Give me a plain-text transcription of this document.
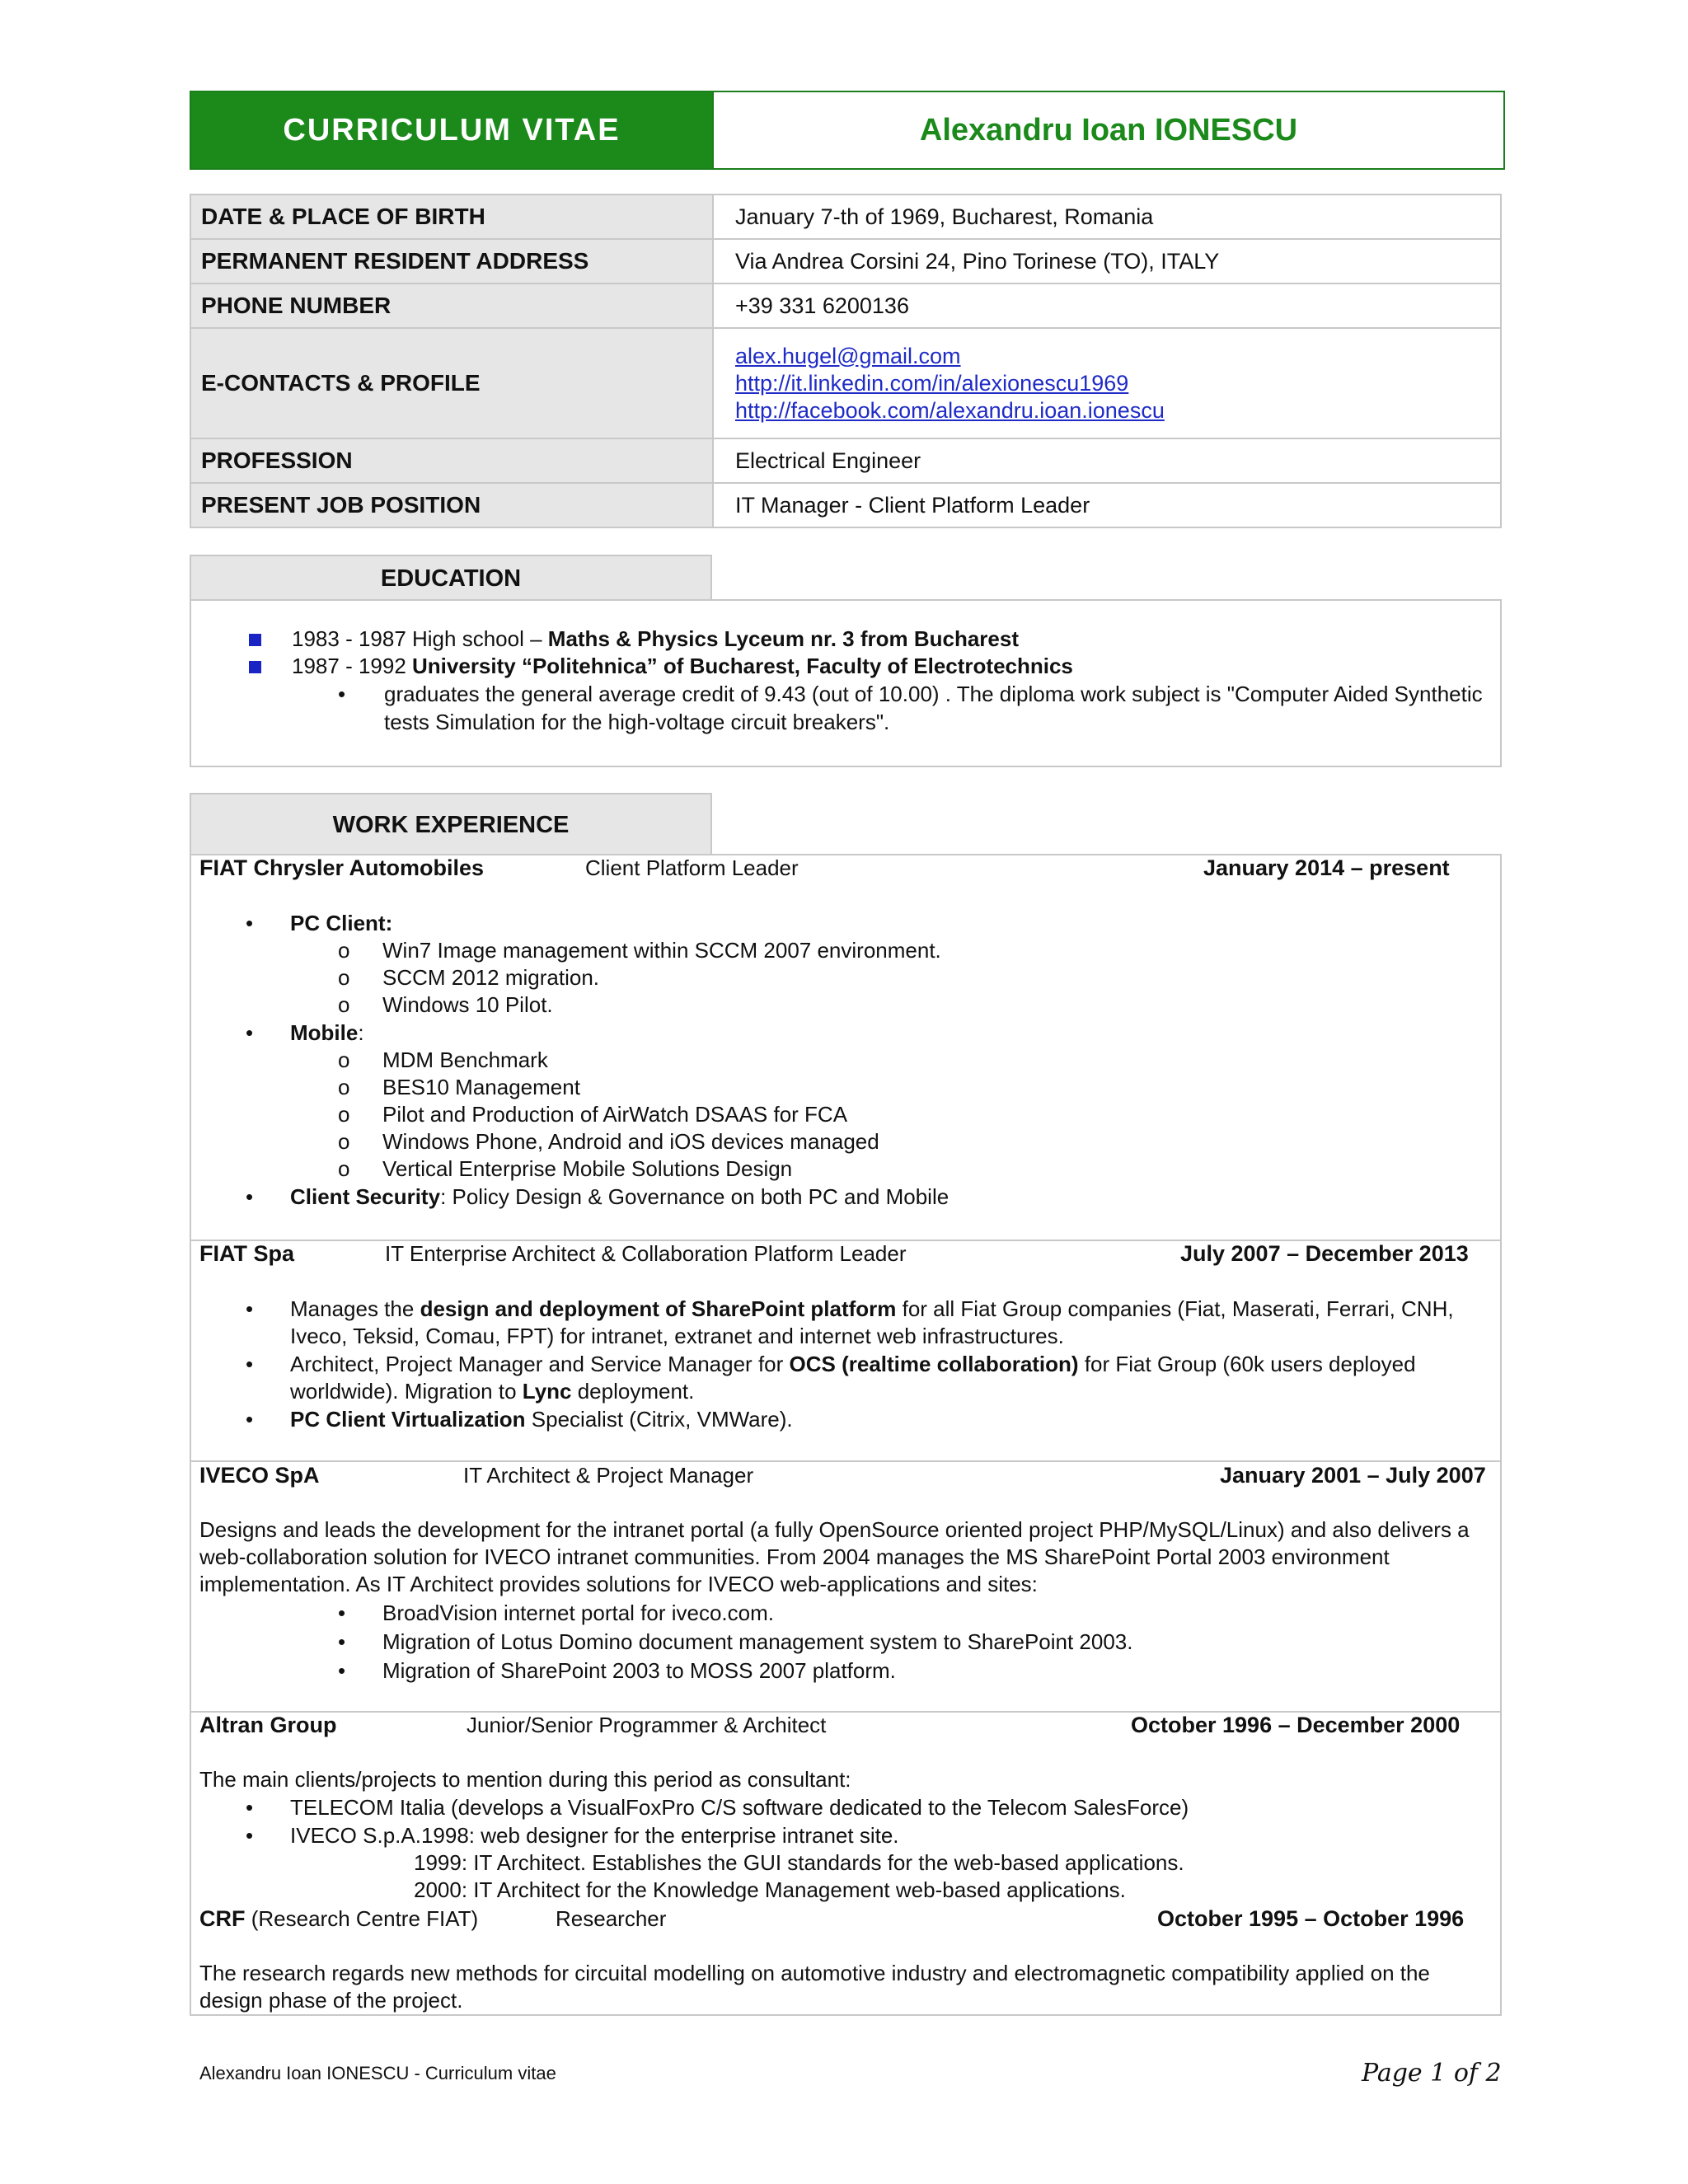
CURRICULUM VITAE	Alexandru Ioan IONESCU
DATE & PLACE OF BIRTH	January 7-th of 1969, Bucharest, Romania
PERMANENT RESIDENT ADDRESS	Via Andrea Corsini 24, Pino Torinese (TO), ITALY
PHONE NUMBER	+39 331 6200136
E-CONTACTS & PROFILE	alex.hugel@gmail.com
http://it.linkedin.com/in/alexionescu1969
http://facebook.com/alexandru.ioan.ionescu

PROFESSION	Electrical Engineer
PRESENT JOB POSITION	IT Manager - Client Platform Leader
EDUCATION
1983 - 1987 High school – Maths & Physics Lyceum nr. 3 from Bucharest
1987 - 1992 University “Politehnica” of Bucharest, Faculty of Electrotechnics
• graduates the general average credit of 9.43 (out of 10.00) . The diploma work subject is "Computer Aided Synthetic
tests Simulation for the high-voltage circuit breakers".
WORK EXPERIENCE
FIAT Chrysler Automobiles	Client Platform Leader	January 2014 – present
• PC Client:
o Win7 Image management within SCCM 2007 environment.
o SCCM 2012 migration.
o Windows 10 Pilot.
• Mobile:
o MDM Benchmark
o BES10 Management
o Pilot and Production of AirWatch DSAAS for FCA
o Windows Phone, Android and iOS devices managed
o Vertical Enterprise Mobile Solutions Design
• Client Security: Policy Design & Governance on both PC and Mobile
FIAT Spa	IT Enterprise Architect & Collaboration Platform Leader	July 2007 – December 2013
• Manages the design and deployment of SharePoint platform for all Fiat Group companies (Fiat, Maserati, Ferrari, CNH,
Iveco, Teksid, Comau, FPT) for intranet, extranet and internet web infrastructures.
• Architect, Project Manager and Service Manager for OCS (realtime collaboration) for Fiat Group (60k users deployed
worldwide). Migration to Lync deployment.
• PC Client Virtualization Specialist (Citrix, VMWare).
IVECO SpA	IT Architect & Project Manager	January 2001 – July 2007
Designs and leads the development for the intranet portal (a fully OpenSource oriented project PHP/MySQL/Linux) and also delivers a
web-collaboration solution for IVECO intranet communities. From 2004 manages the MS SharePoint Portal 2003 environment
implementation. As IT Architect provides solutions for IVECO web-applications and sites:
• BroadVision internet portal for iveco.com.
• Migration of Lotus Domino document management system to SharePoint 2003.
• Migration of SharePoint 2003 to MOSS 2007 platform.
Altran Group	Junior/Senior Programmer & Architect	October 1996 – December 2000
The main clients/projects to mention during this period as consultant:
• TELECOM Italia (develops a VisualFoxPro C/S software dedicated to the Telecom SalesForce)
• IVECO S.p.A.1998: web designer for the enterprise intranet site.
1999: IT Architect. Establishes the GUI standards for the web-based applications.
2000: IT Architect for the Knowledge Management web-based applications.
CRF (Research Centre FIAT)	Researcher	October 1995 – October 1996
The research regards new methods for circuital modelling on automotive industry and electromagnetic compatibility applied on the
design phase of the project.
Alexandru Ioan IONESCU - Curriculum vitae	Page 1 of 2
